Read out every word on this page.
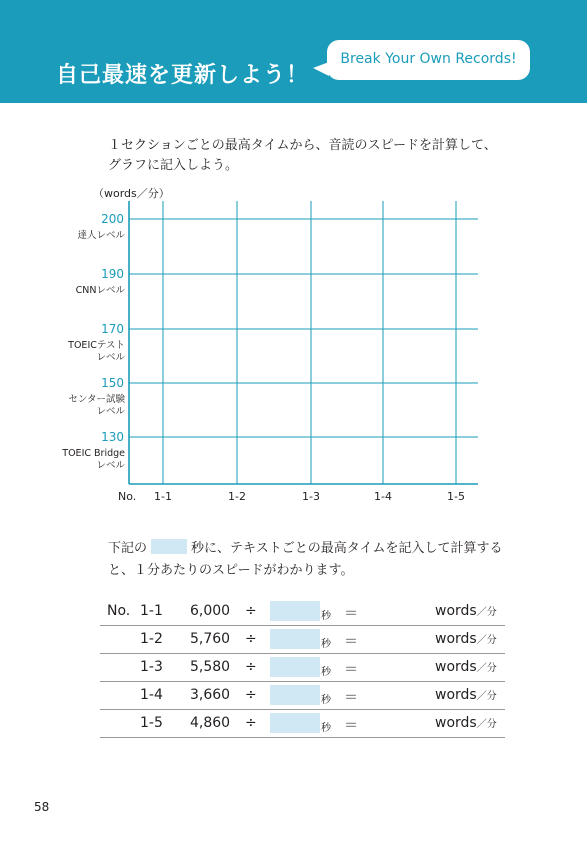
自己最速を更新しよう！
Break Your Own Records!
１セクションごとの最高タイムから、音読のスピードを計算して、
グラフに記入しよう。
（words／分）
200
達人レベル
190
CNNレベル
170
TOEICテスト
レベル
150
センター試験
レベル
130
TOEIC Bridge
レベル
No. 1-1	1-2	1-3	1-4	1-5
下記の	秒に、テキストごとの最高タイムを記入して計算する
と、１分あたりのスピードがわかります。
No. 1-1 6,000 ÷	秒 ＝	words／分
1-2 5,760 ÷	秒 ＝	words／分
1-3 5,580 ÷	秒 ＝	words／分
1-4 3,660 ÷	秒 ＝	words／分
1-5 4,860 ÷	秒 ＝	words／分
58
